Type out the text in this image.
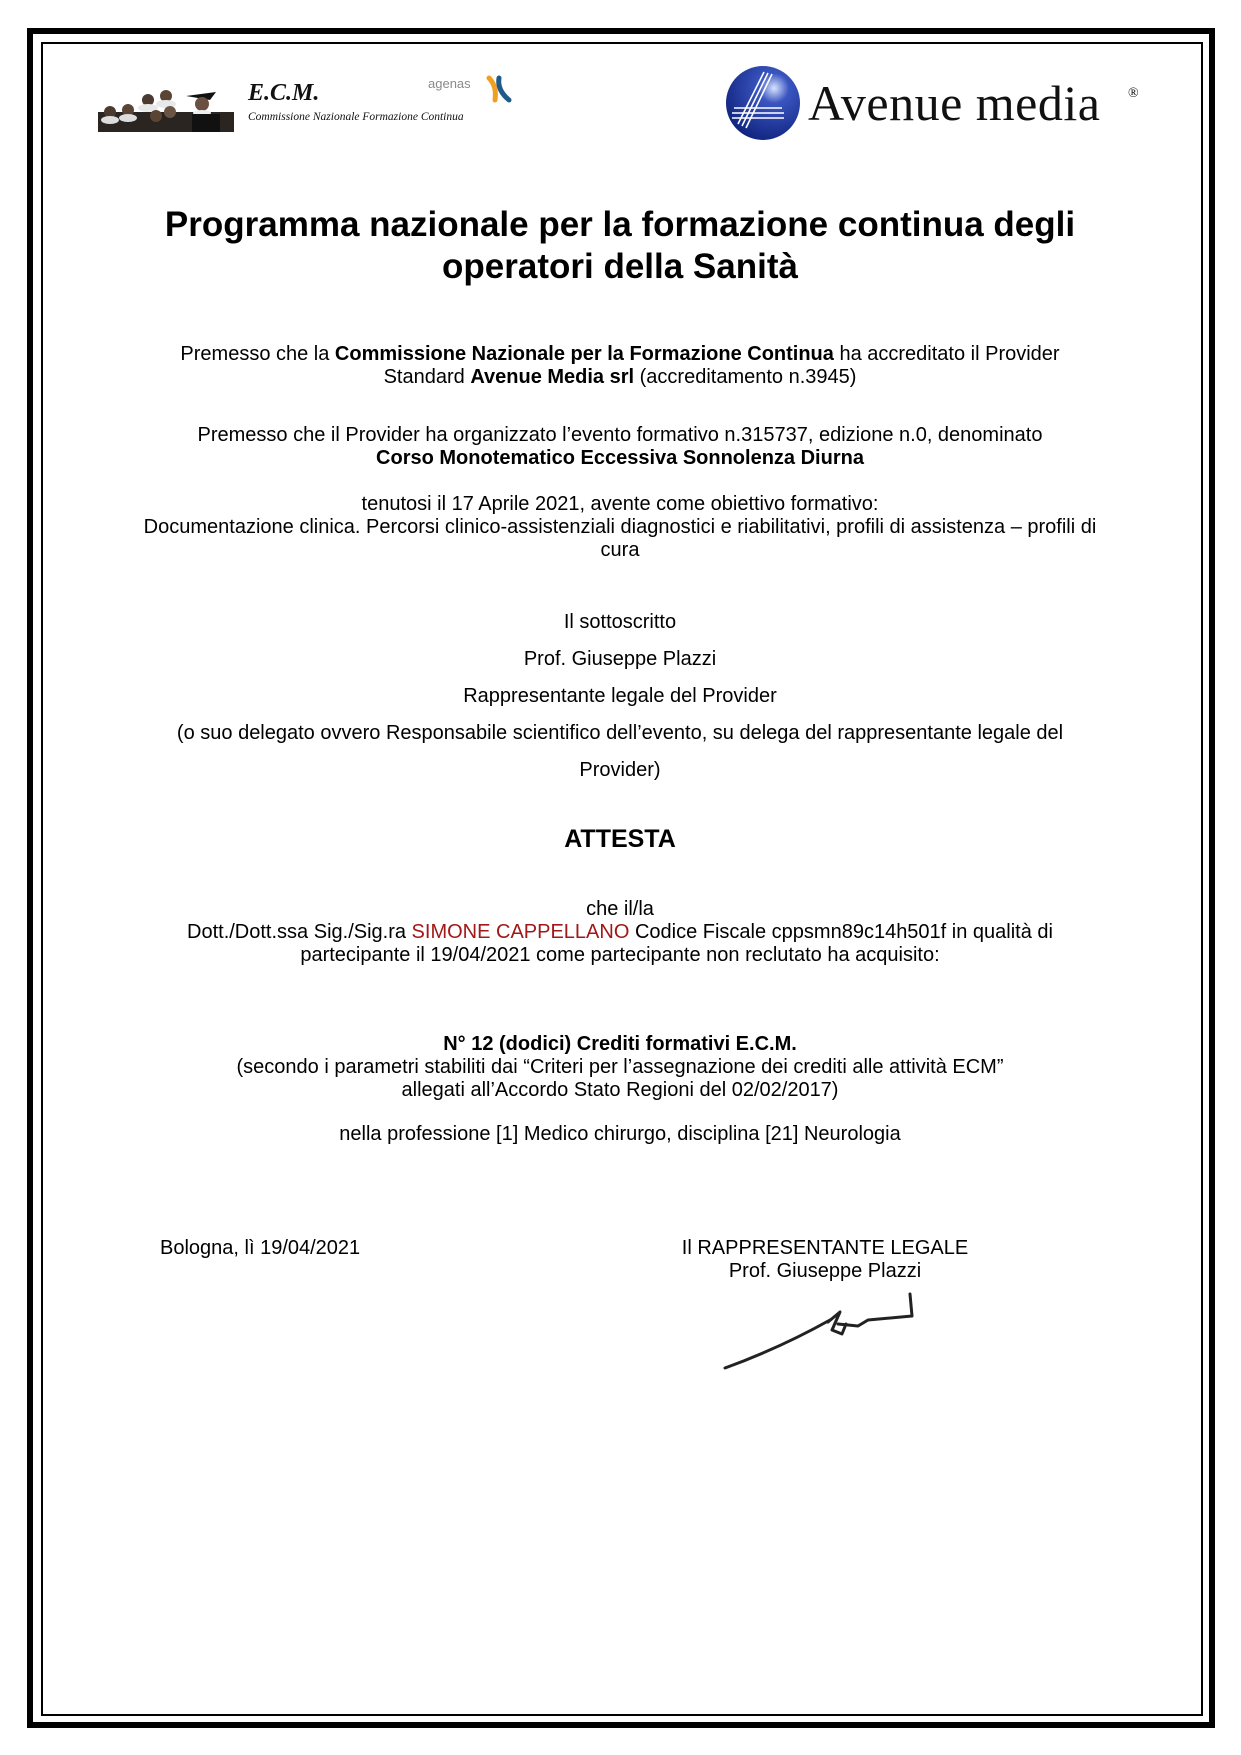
E.C.M.
Commissione Nazionale Formazione Continua
agenas	Avenue media ®
Programma nazionale per la formazione continua degli
operatori della Sanità
Premesso che la Commissione Nazionale per la Formazione Continua ha accreditato il Provider
Standard Avenue Media srl (accreditamento n.3945)
Premesso che il Provider ha organizzato l’evento formativo n.315737, edizione n.0, denominato
Corso Monotematico Eccessiva Sonnolenza Diurna
tenutosi il 17 Aprile 2021, avente come obiettivo formativo:
Documentazione clinica. Percorsi clinico-assistenziali diagnostici e riabilitativi, profili di assistenza – profili di
cura
Il sottoscritto
Prof. Giuseppe Plazzi
Rappresentante legale del Provider
(o suo delegato ovvero Responsabile scientifico dell’evento, su delega del rappresentante legale del
Provider)
ATTESTA
che il/la
Dott./Dott.ssa Sig./Sig.ra SIMONE CAPPELLANO Codice Fiscale cppsmn89c14h501f in qualità di
partecipante il 19/04/2021 come partecipante non reclutato ha acquisito:
N° 12 (dodici) Crediti formativi E.C.M.
(secondo i parametri stabiliti dai “Criteri per l’assegnazione dei crediti alle attività ECM”
allegati all’Accordo Stato Regioni del 02/02/2017)
nella professione [1] Medico chirurgo, disciplina [21] Neurologia
Bologna, lì 19/04/2021	Il RAPPRESENTANTE LEGALE
Prof. Giuseppe Plazzi
